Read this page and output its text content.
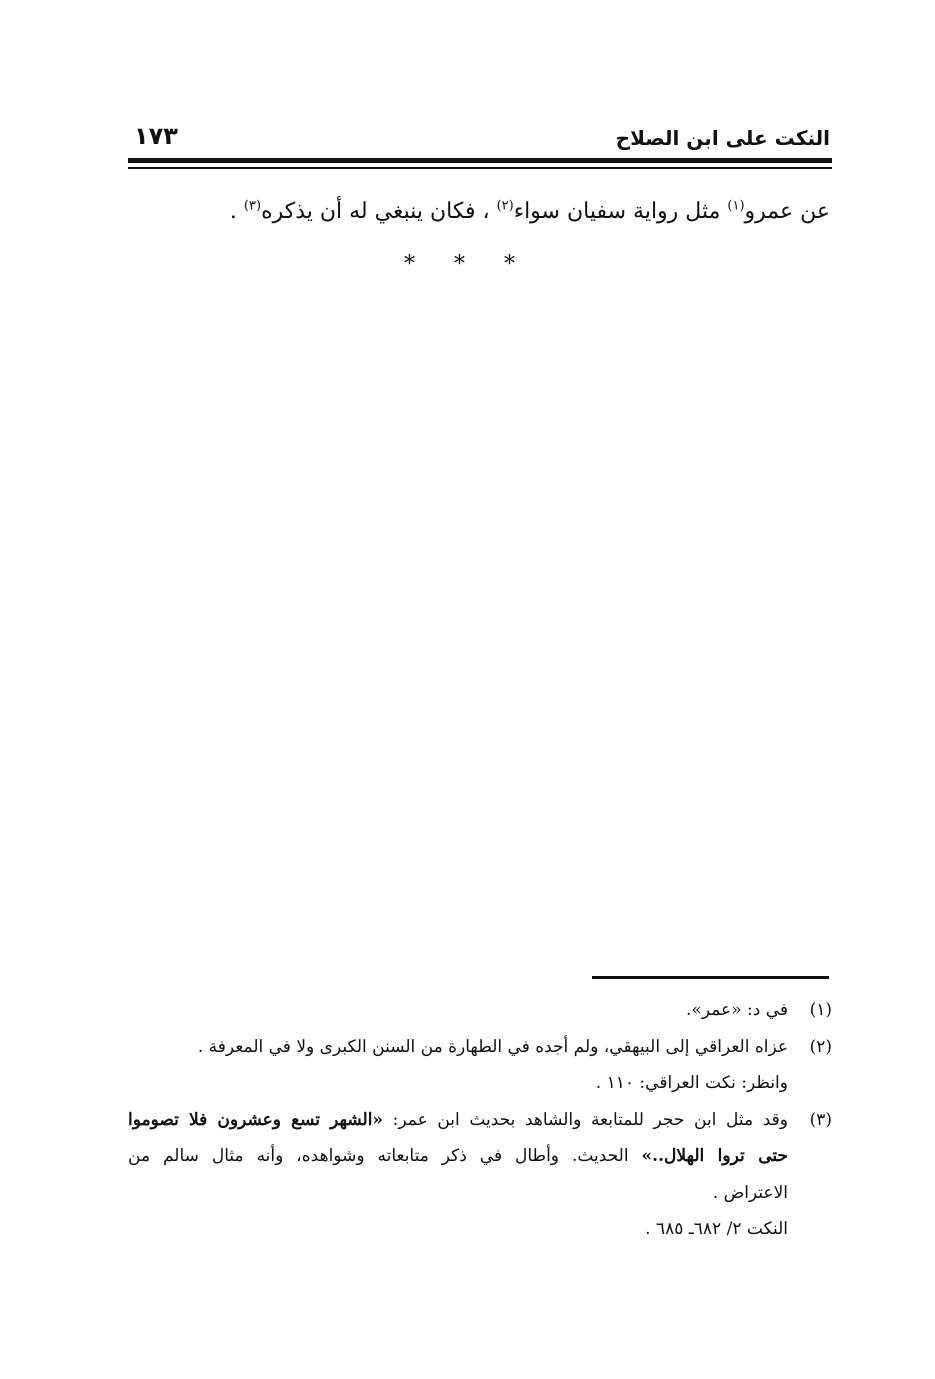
النكت على ابن الصلاح
١٧٣
عن عمرو$^{(١)}$ مثل رواية سفيان سواء$^{(٢)}$ ، فكان ينبغي له أن يذكره$^{(٣)}$ .
* * *
(١)
في د: «عمر».
(٢)
عزاه العراقي إلى البيهقي، ولم أجده في الطهارة من السنن الكبرى ولا في المعرفة .
وانظر: نكت العراقي: ١١٠ .
(٣)
وقد مثل ابن حجر للمتابعة والشاهد بحديث ابن عمر: «الشهر تسع وعشرون فلا تصوموا
حتى تروا الهلال..» الحديث. وأطال في ذكر متابعاته وشواهده، وأنه مثال سالم من
الاعتراض .
النكت ٢/ ٦٨٢ـ ٦٨٥ .
